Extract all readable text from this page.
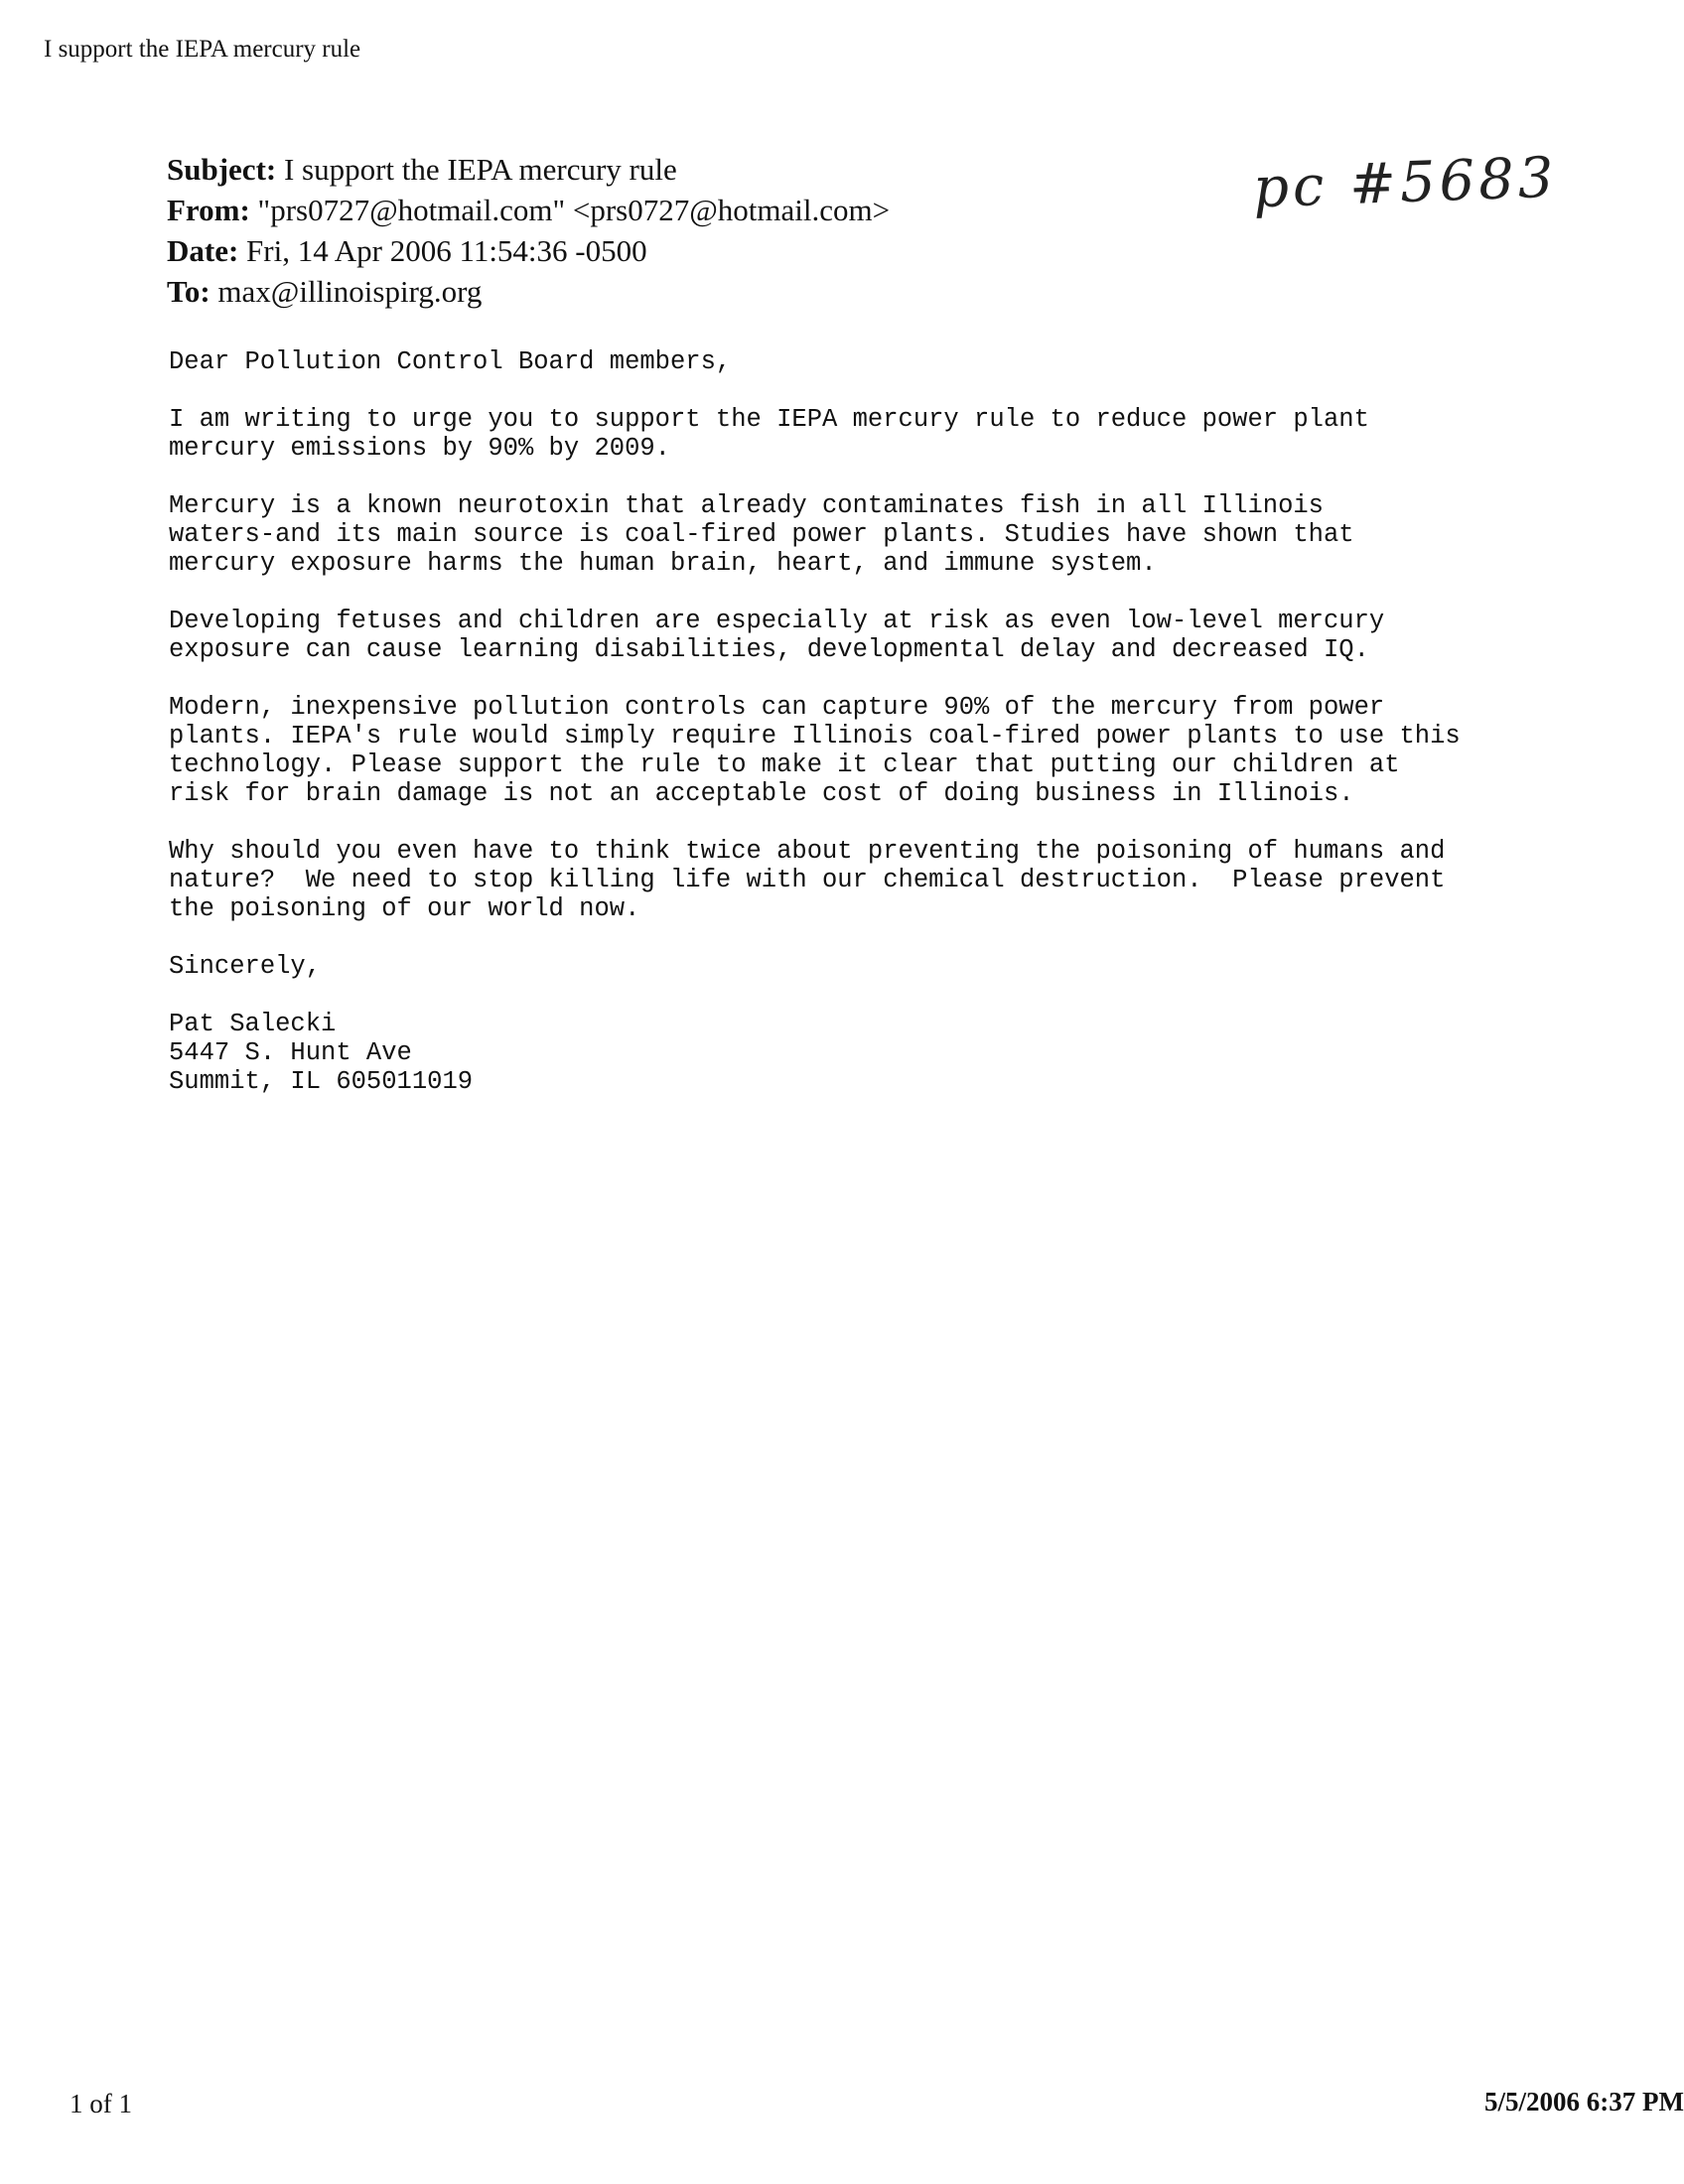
I support the IEPA mercury rule
Subject: I support the IEPA mercury rule
From: "prs0727@hotmail.com" <prs0727@hotmail.com>
Date: Fri, 14 Apr 2006 11:54:36 -0500
To: max@illinoispirg.org
pc #5683
Dear Pollution Control Board members,
I am writing to urge you to support the IEPA mercury rule to reduce power plant
mercury emissions by 90% by 2009.
Mercury is a known neurotoxin that already contaminates fish in all Illinois
waters-and its main source is coal-fired power plants. Studies have shown that
mercury exposure harms the human brain, heart, and immune system.
Developing fetuses and children are especially at risk as even low-level mercury
exposure can cause learning disabilities, developmental delay and decreased IQ.
Modern, inexpensive pollution controls can capture 90% of the mercury from power
plants. IEPA's rule would simply require Illinois coal-fired power plants to use this
technology. Please support the rule to make it clear that putting our children at
risk for brain damage is not an acceptable cost of doing business in Illinois.
Why should you even have to think twice about preventing the poisoning of humans and
nature?  We need to stop killing life with our chemical destruction.  Please prevent
the poisoning of our world now.
Sincerely,
Pat Salecki
5447 S. Hunt Ave
Summit, IL 605011019
1 of 1	5/5/2006 6:37 PM
